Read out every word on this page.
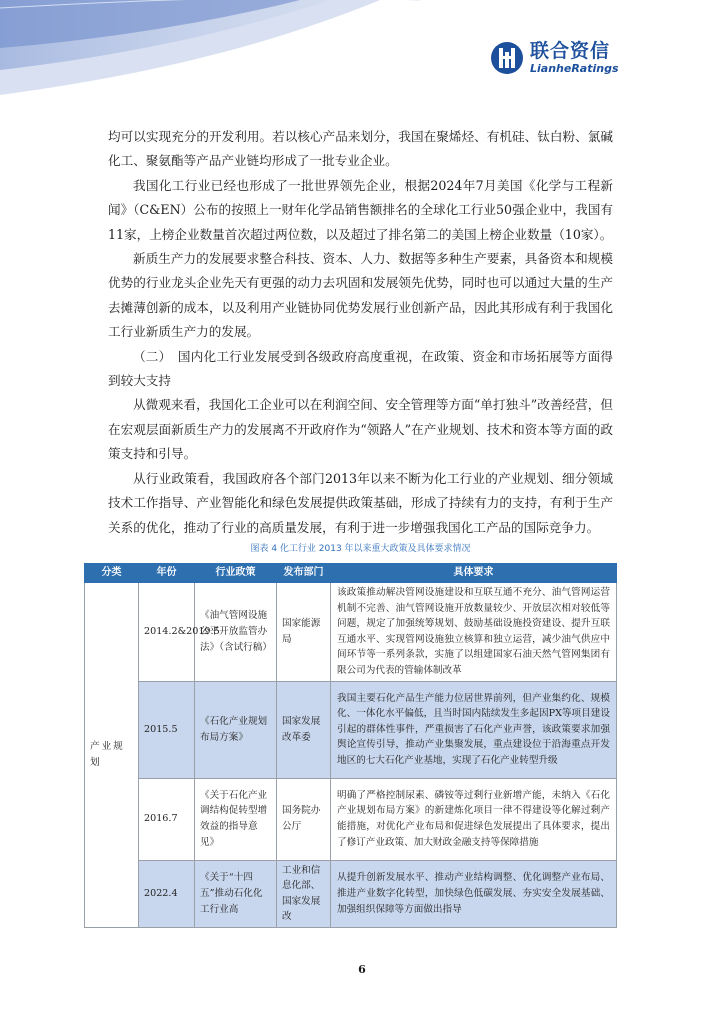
联合资信
LianheRatings

均可以实现充分的开发利用。若以核心产品来划分，我国在聚烯烃、有机硅、钛白粉、氯碱化工、聚氨酯等产品产业链均形成了一批专业企业。

我国化工行业已经也形成了一批世界领先企业，根据2024年7月美国《化学与工程新闻》（C&EN）公布的按照上一财年化学品销售额排名的全球化工行业50强企业中，我国有11家，上榜企业数量首次超过两位数，以及超过了排名第二的美国上榜企业数量（10家）。

新质生产力的发展要求整合科技、资本、人力、数据等多种生产要素，具备资本和规模优势的行业龙头企业先天有更强的动力去巩固和发展领先优势，同时也可以通过大量的生产去摊薄创新的成本，以及利用产业链协同优势发展行业创新产品，因此其形成有利于我国化工行业新质生产力的发展。

（二）　国内化工行业发展受到各级政府高度重视，在政策、资金和市场拓展等方面得到较大支持

从微观来看，我国化工企业可以在利润空间、安全管理等方面“单打独斗”改善经营，但在宏观层面新质生产力的发展离不开政府作为“领路人”在产业规划、技术和资本等方面的政策支持和引导。

从行业政策看，我国政府各个部门2013年以来不断为化工行业的产业规划、细分领域技术工作指导、产业智能化和绿色发展提供政策基础，形成了持续有力的支持，有利于生产关系的优化，推动了行业的高质量发展，有利于进一步增强我国化工产品的国际竞争力。

图表 4 化工行业 2013 年以来重大政策及具体要求情况
分类	年份	行业政策	发布部门	具体要求
产业规划	2014.2&2019.5	《油气管网设施公平开放监管办法》（含试行稿）	国家能源局	该政策推动解决管网设施建设和互联互通不充分、油气管网运营机制不完善、油气管网设施开放数量较少、开放层次相对较低等问题，规定了加强统筹规划、鼓励基础设施投资建设、提升互联互通水平、实现管网设施独立核算和独立运营，减少油气供应中间环节等一系列条款，实施了以组建国家石油天然气管网集团有限公司为代表的管输体制改革
	2015.5	《石化产业规划布局方案》	国家发展改革委	我国主要石化产品生产能力位居世界前列，但产业集约化、规模化、一体化水平偏低，且当时国内陆续发生多起因PX等项目建设引起的群体性事件，严重损害了石化产业声誉，该政策要求加强舆论宣传引导，推动产业集聚发展，重点建设位于沿海重点开发地区的七大石化产业基地，实现了石化产业转型升级
	2016.7	《关于石化产业调结构促转型增效益的指导意见》	国务院办公厅	明确了严格控制尿素、磷铵等过剩行业新增产能，未纳入《石化产业规划布局方案》的新建炼化项目一律不得建设等化解过剩产能措施，对优化产业布局和促进绿色发展提出了具体要求，提出了修订产业政策、加大财政金融支持等保障措施
	2022.4	《关于“十四五”推动石化化工行业高	工业和信息化部、国家发展改	从提升创新发展水平、推动产业结构调整、优化调整产业布局、推进产业数字化转型，加快绿色低碳发展、夯实安全发展基础、加强组织保障等方面做出指导
6
